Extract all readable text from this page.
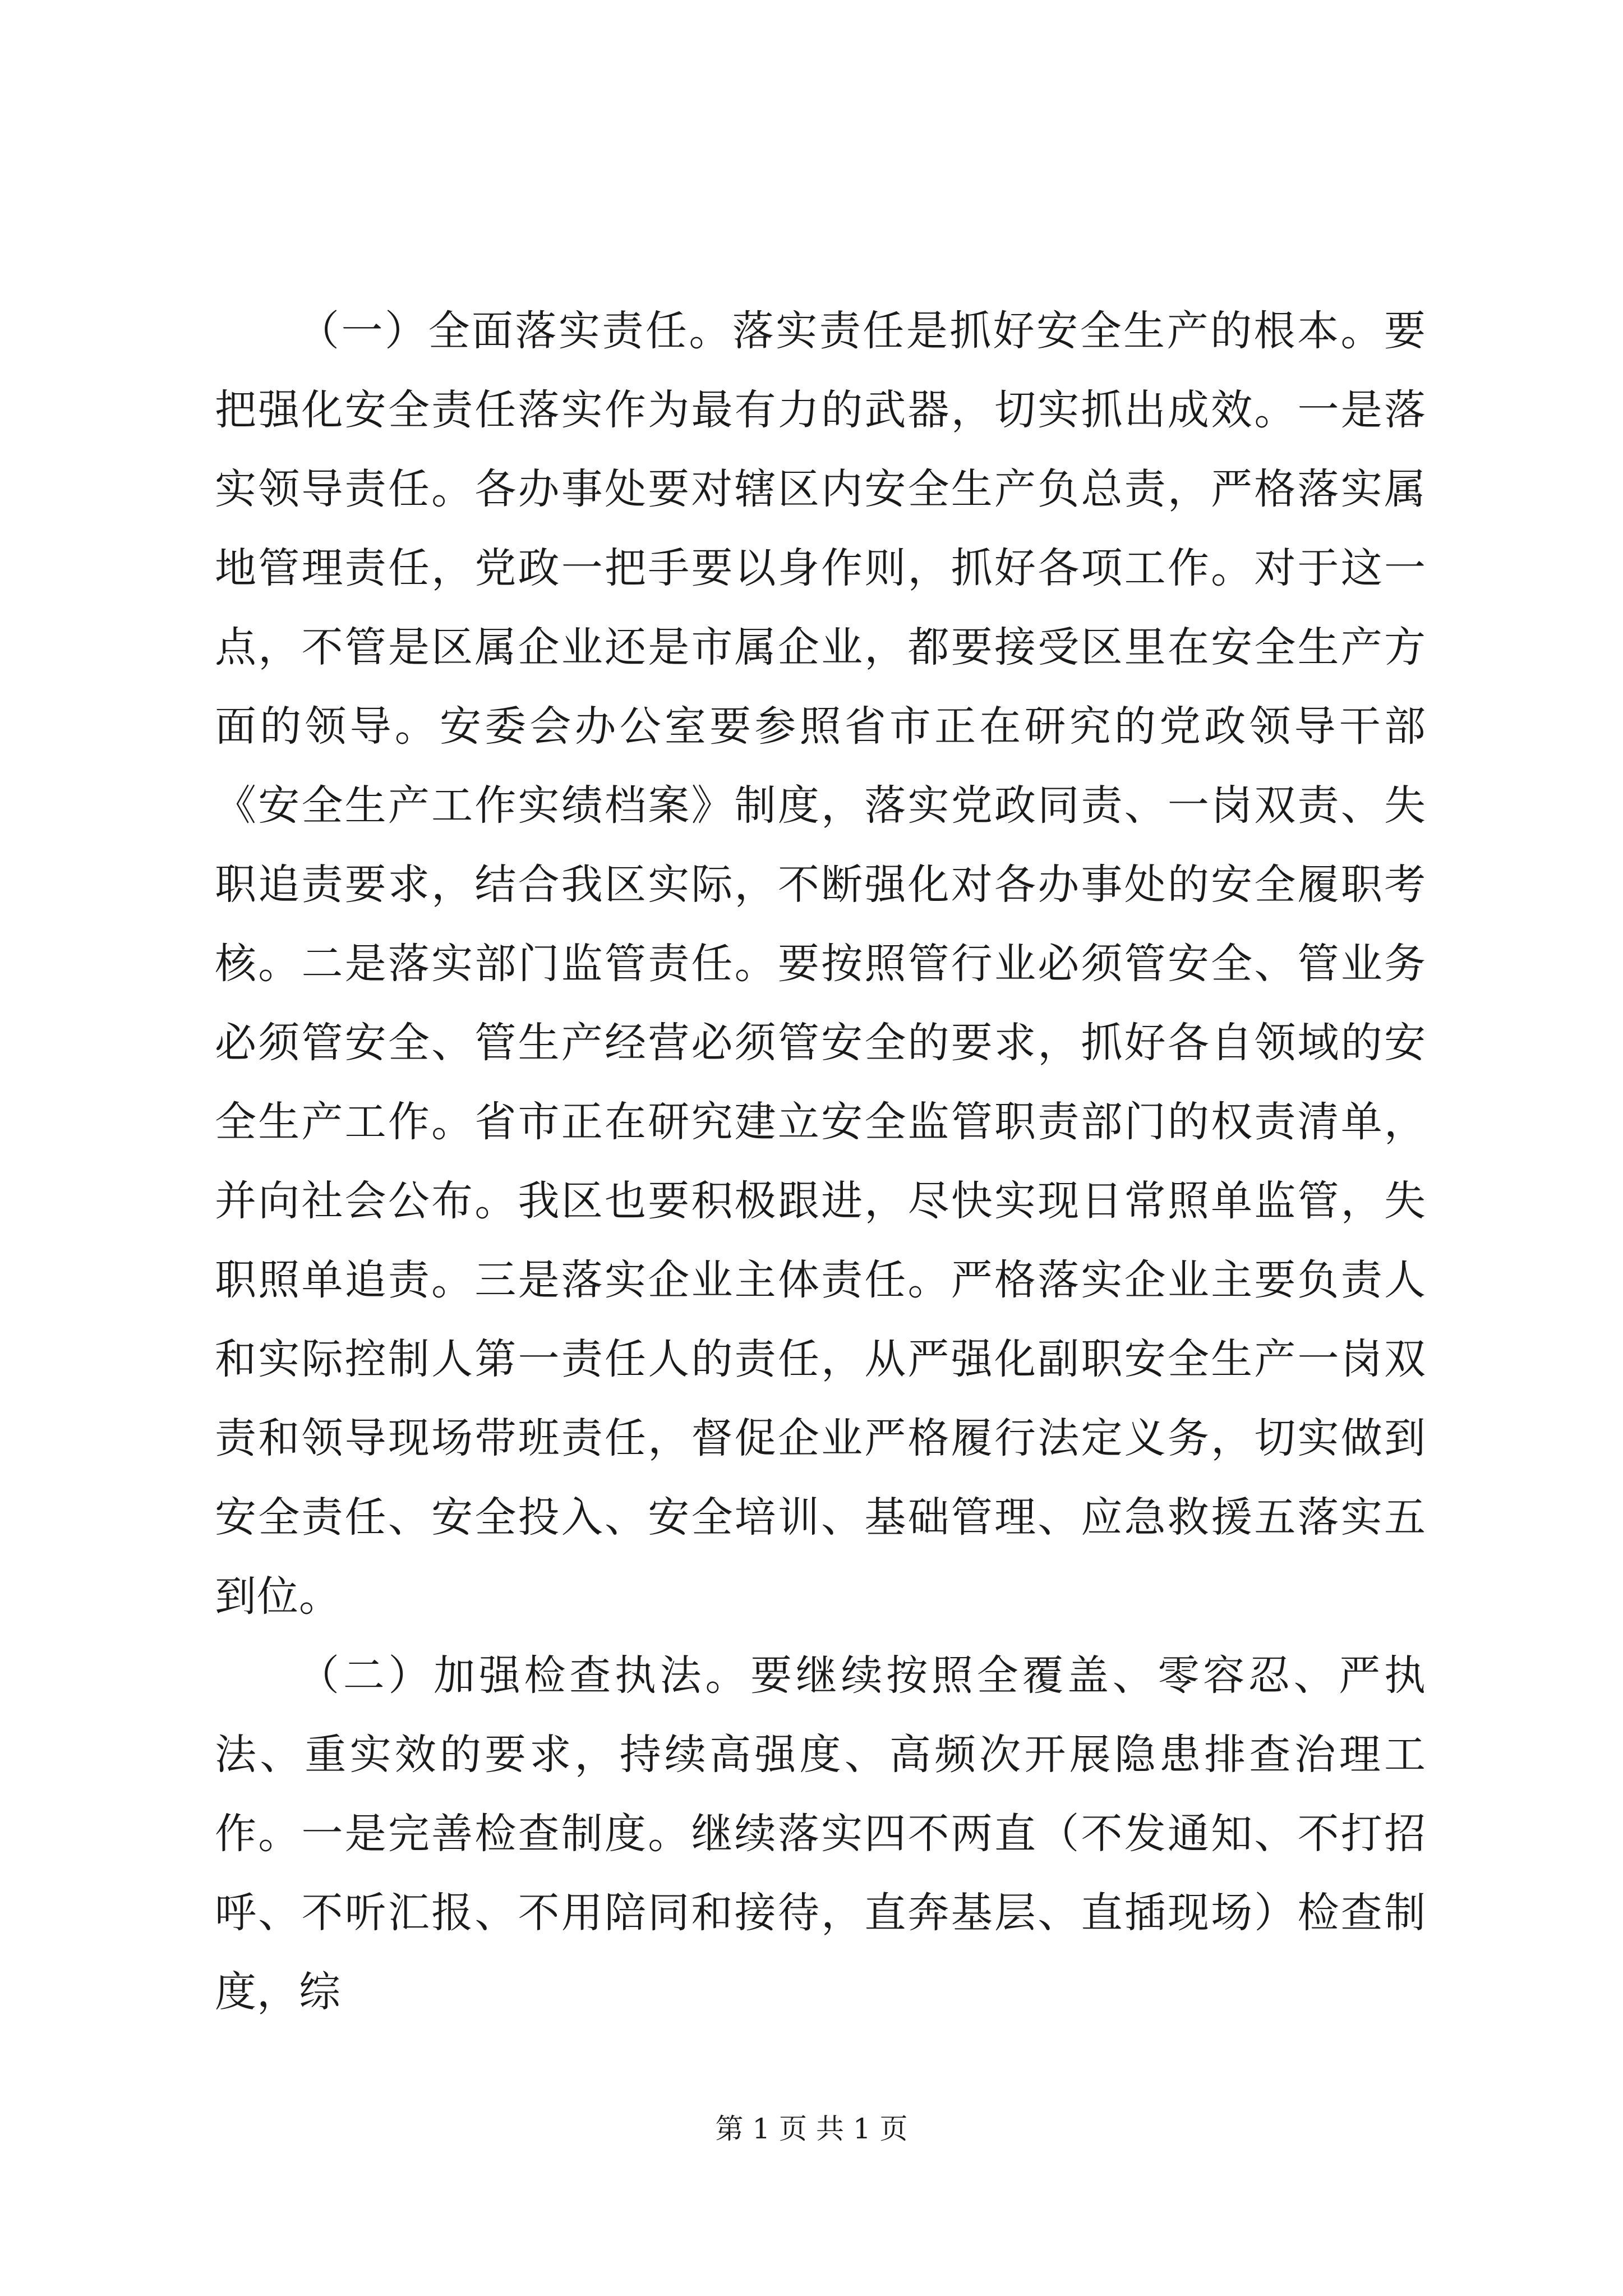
（一）全面落实责任。落实责任是抓好安全生产的根本。要把强化安全责任落实作为最有力的武器，切实抓出成效。一是落实领导责任。各办事处要对辖区内安全生产负总责，严格落实属地管理责任，党政一把手要以身作则，抓好各项工作。对于这一点，不管是区属企业还是市属企业，都要接受区里在安全生产方面的领导。安委会办公室要参照省市正在研究的党政领导干部《安全生产工作实绩档案》制度，落实党政同责、一岗双责、失职追责要求，结合我区实际，不断强化对各办事处的安全履职考核。二是落实部门监管责任。要按照管行业必须管安全、管业务必须管安全、管生产经营必须管安全的要求，抓好各自领域的安全生产工作。省市正在研究建立安全监管职责部门的权责清单，并向社会公布。我区也要积极跟进，尽快实现日常照单监管，失职照单追责。三是落实企业主体责任。严格落实企业主要负责人和实际控制人第一责任人的责任，从严强化副职安全生产一岗双责和领导现场带班责任，督促企业严格履行法定义务，切实做到安全责任、安全投入、安全培训、基础管理、应急救援五落实五到位。

（二）加强检查执法。要继续按照全覆盖、零容忍、严执法、重实效的要求，持续高强度、高频次开展隐患排查治理工作。一是完善检查制度。继续落实四不两直（不发通知、不打招呼、不听汇报、不用陪同和接待，直奔基层、直插现场）检查制度，综

第 1 页 共 1 页
